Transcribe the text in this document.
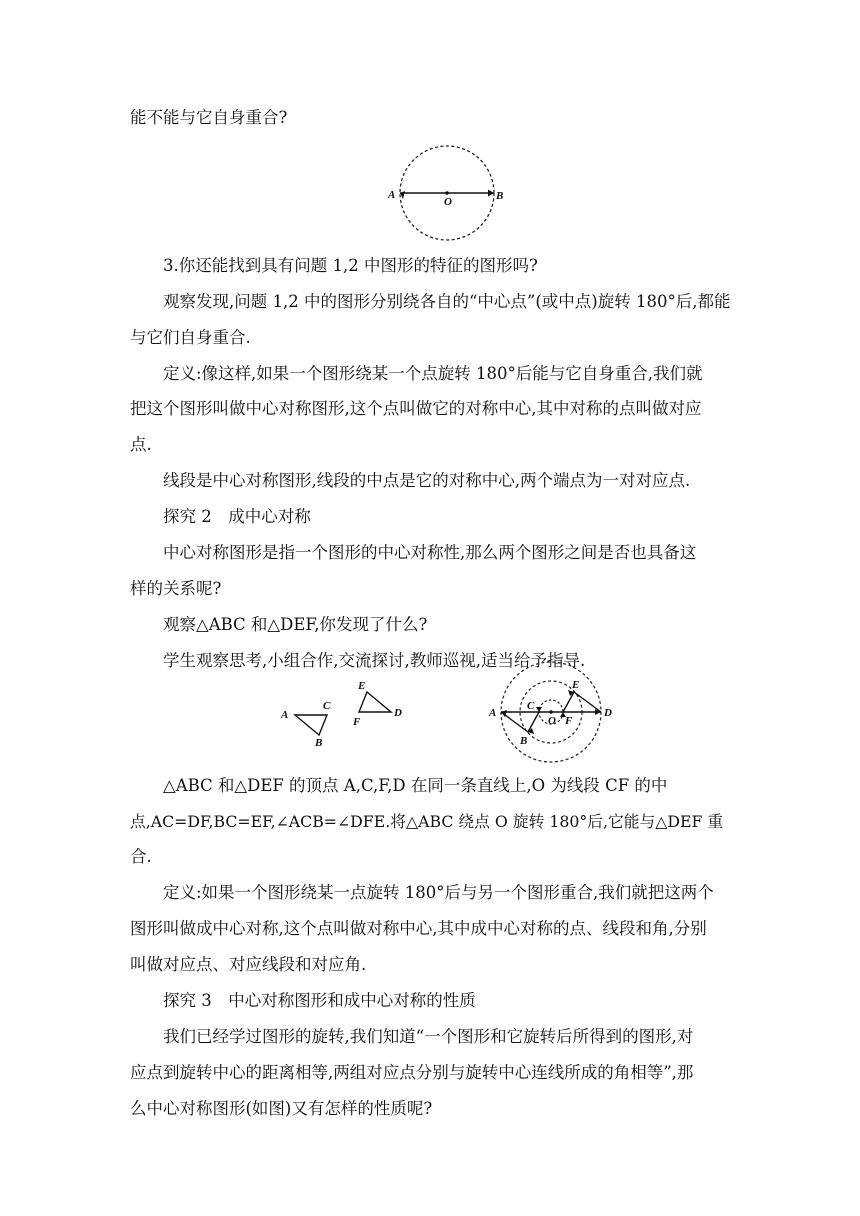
能不能与它自身重合?
A	B
O
3.你还能找到具有问题 1,2 中图形的特征的图形吗?
观察发现,问题 1,2 中的图形分别绕各自的“中心点”(或中点)旋转 180°后,都能
与它们自身重合.
定义:像这样,如果一个图形绕某一个点旋转 180°后能与它自身重合,我们就
把这个图形叫做中心对称图形,这个点叫做它的对称中心,其中对称的点叫做对应
点.
线段是中心对称图形,线段的中点是它的对称中心,两个端点为一对对应点.
探究 2　成中心对称
中心对称图形是指一个图形的中心对称性,那么两个图形之间是否也具备这
样的关系呢?
观察△ABC 和△DEF,你发现了什么?
学生观察思考,小组合作,交流探讨,教师巡视,适当给予指导.
A
C
B
E
F
D	A
C
B
O F
E
D
△ABC 和△DEF 的顶点 A,C,F,D 在同一条直线上,O 为线段 CF 的中
点,AC=DF,BC=EF,∠ACB=∠DFE.将△ABC 绕点 O 旋转 180°后,它能与△DEF 重
合.
定义:如果一个图形绕某一点旋转 180°后与另一个图形重合,我们就把这两个
图形叫做成中心对称,这个点叫做对称中心,其中成中心对称的点、线段和角,分别
叫做对应点、对应线段和对应角.
探究 3　中心对称图形和成中心对称的性质
我们已经学过图形的旋转,我们知道“一个图形和它旋转后所得到的图形,对
应点到旋转中心的距离相等,两组对应点分别与旋转中心连线所成的角相等”,那
么中心对称图形(如图)又有怎样的性质呢?
